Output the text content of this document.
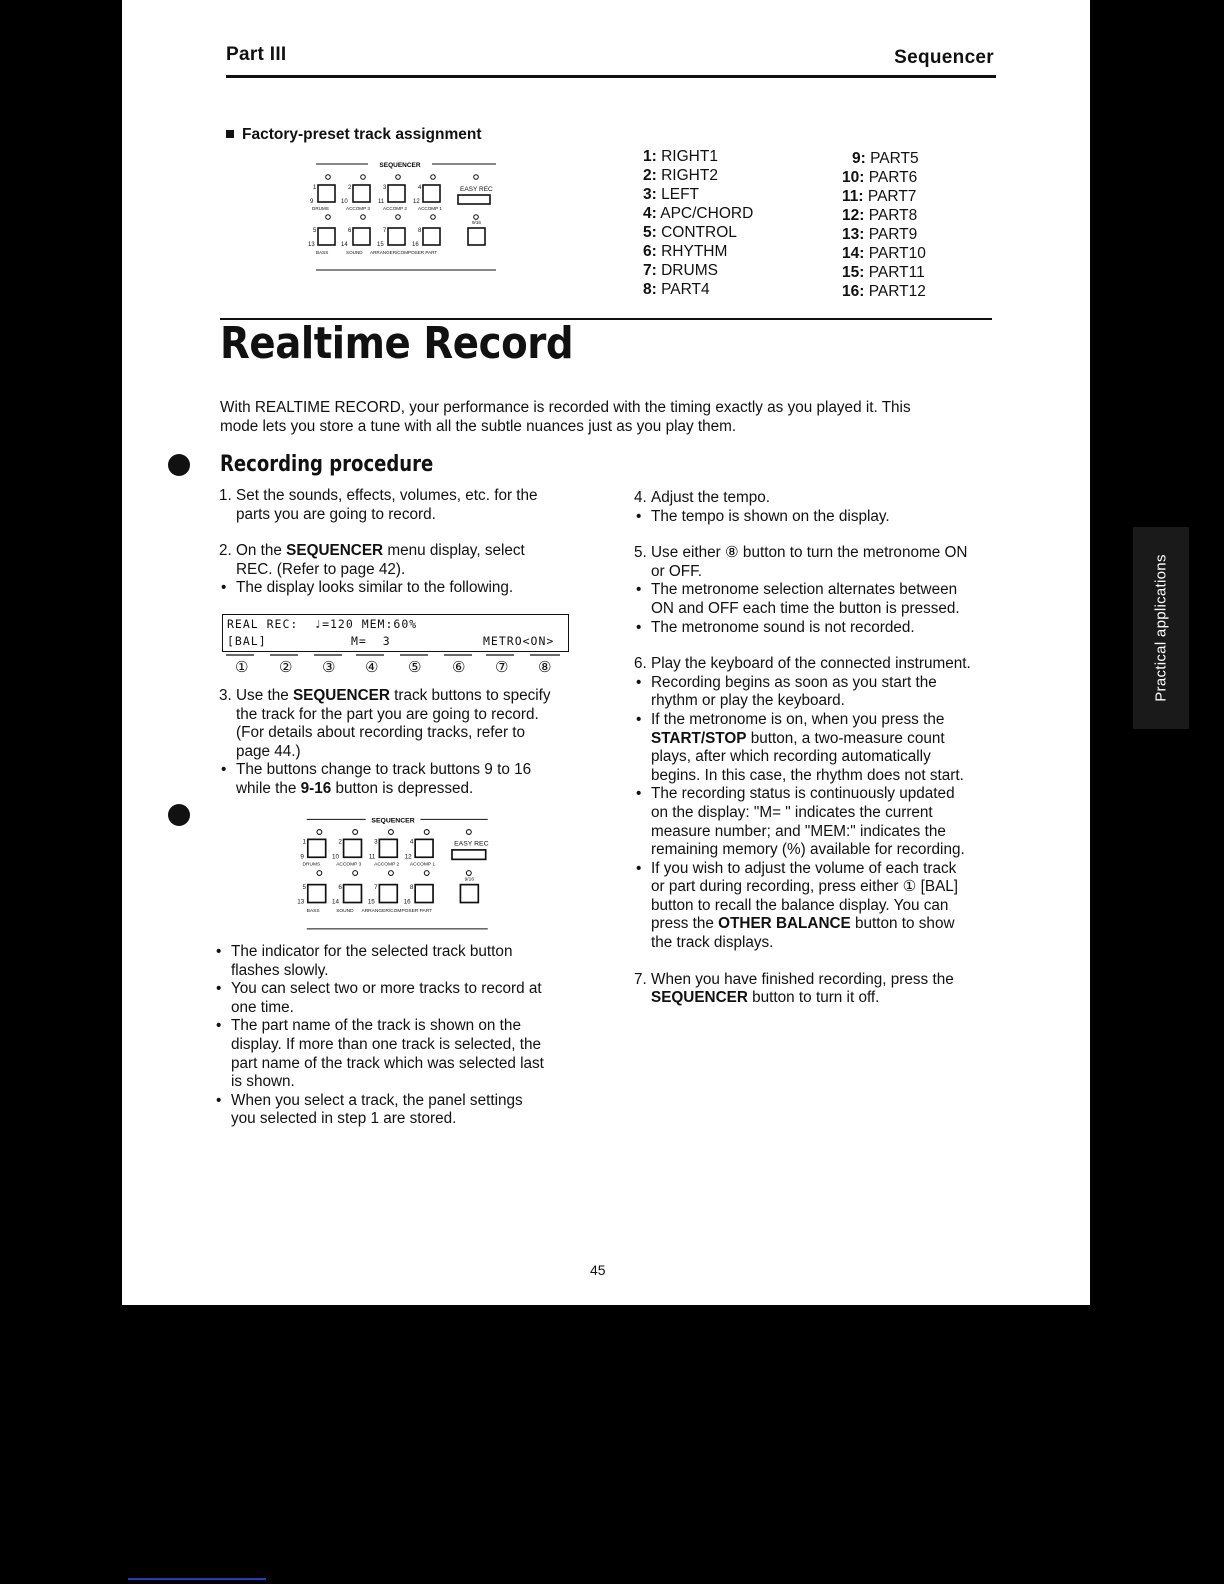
Part III	Sequencer
Factory-preset track assignment
SEQUENCER
1	2	3	4
9	10	11	12
EASY REC
5	6	7	8
13	14	15	16
DRUMS	ACCOMP 3	ACCOMP 2 ACCOMP 1
9/16
BASS	SOUND ARRANGER/COMPOSER PART
1: RIGHT1
2: RIGHT2
3: LEFT
4: APC/CHORD
5: CONTROL
6: RHYTHM
7: DRUMS
8: PART4
9: PART5
10: PART6
11: PART7
12: PART8
13: PART9
14: PART10
15: PART11
16: PART12
Realtime Record

With REALTIME RECORD, your performance is recorded with the timing exactly as you played it. This

mode lets you store a tune with all the subtle nuances just as you play them.

Recording procedure
1. Set the sounds, effects, volumes, etc. for the

parts you are going to record.

2. On the SEQUENCER menu display, select

REC. (Refer to page 42).

• The display looks similar to the following.

REAL REC:  ♩=120 MEM:60%
[BAL]	M=  3	METRO<ON>
① ② ③ ④ ⑤ ⑥ ⑦ ⑧
3. Use the SEQUENCER track buttons to specify

the track for the part you are going to record.

(For details about recording tracks, refer to

page 44.)

• The buttons change to track buttons 9 to 16

while the 9-16 button is depressed.

SEQUENCER
1	2	3	4
9	10	11	12
EASY REC
5	6	7	8
13	14	15	16
DRUMS	ACCOMP 3	ACCOMP 2 ACCOMP 1
9/16
BASS	SOUND ARRANGER/COMPOSER PART

• The indicator for the selected track button

flashes slowly.

• You can select two or more tracks to record at

one time.

• The part name of the track is shown on the

display. If more than one track is selected, the

part name of the track which was selected last

is shown.

• When you select a track, the panel settings

you selected in step 1 are stored.

4. Adjust the tempo.

• The tempo is shown on the display.

5. Use either ⑧ button to turn the metronome ON

or OFF.

• The metronome selection alternates between

ON and OFF each time the button is pressed.

• The metronome sound is not recorded.

6. Play the keyboard of the connected instrument.

• Recording begins as soon as you start the

rhythm or play the keyboard.

• If the metronome is on, when you press the

START/STOP button, a two-measure count

plays, after which recording automatically

begins. In this case, the rhythm does not start.

• The recording status is continuously updated

on the display: "M= " indicates the current

measure number; and "MEM:" indicates the

remaining memory (%) available for recording.

• If you wish to adjust the volume of each track

or part during recording, press either ① [BAL]

button to recall the balance display. You can

press the OTHER BALANCE button to show

the track displays.

7. When you have finished recording, press the

SEQUENCER button to turn it off.

Practical applications
45
